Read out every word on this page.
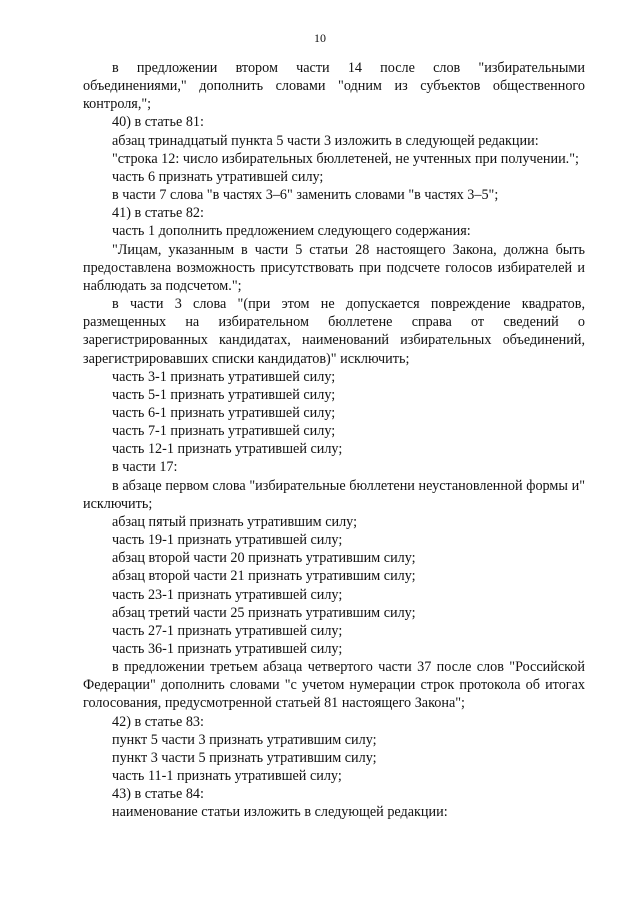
10

в предложении втором части 14 после слов "избирательными объединениями," дополнить словами "одним из субъектов общественного контроля,";

40) в статье 81:

абзац тринадцатый пункта 5 части 3 изложить в следующей редакции:

"строка 12: число избирательных бюллетеней, не учтенных при получении.";

часть 6 признать утратившей силу;

в части 7 слова "в частях 3–6" заменить словами "в частях 3–5";

41) в статье 82:

часть 1 дополнить предложением следующего содержания:

"Лицам, указанным в части 5 статьи 28 настоящего Закона, должна быть предоставлена возможность присутствовать при подсчете голосов избирателей и наблюдать за подсчетом.";

в части 3 слова "(при этом не допускается повреждение квадратов, размещенных на избирательном бюллетене справа от сведений о зарегистрированных кандидатах, наименований избирательных объединений, зарегистрировавших списки кандидатов)" исключить;

часть 3-1 признать утратившей силу;

часть 5-1 признать утратившей силу;

часть 6-1 признать утратившей силу;

часть 7-1 признать утратившей силу;

часть 12-1 признать утратившей силу;

в части 17:

в абзаце первом слова "избирательные бюллетени неустановленной формы и" исключить;

абзац пятый признать утратившим силу;

часть 19-1 признать утратившей силу;

абзац второй части 20 признать утратившим силу;

абзац второй части 21 признать утратившим силу;

часть 23-1 признать утратившей силу;

абзац третий части 25 признать утратившим силу;

часть 27-1 признать утратившей силу;

часть 36-1 признать утратившей силу;

в предложении третьем абзаца четвертого части 37 после слов "Российской Федерации" дополнить словами "с учетом нумерации строк протокола об итогах голосования, предусмотренной статьей 81 настоящего Закона";

42) в статье 83:

пункт 5 части 3 признать утратившим силу;

пункт 3 части 5 признать утратившим силу;

часть 11-1 признать утратившей силу;

43) в статье 84:

наименование статьи изложить в следующей редакции:
